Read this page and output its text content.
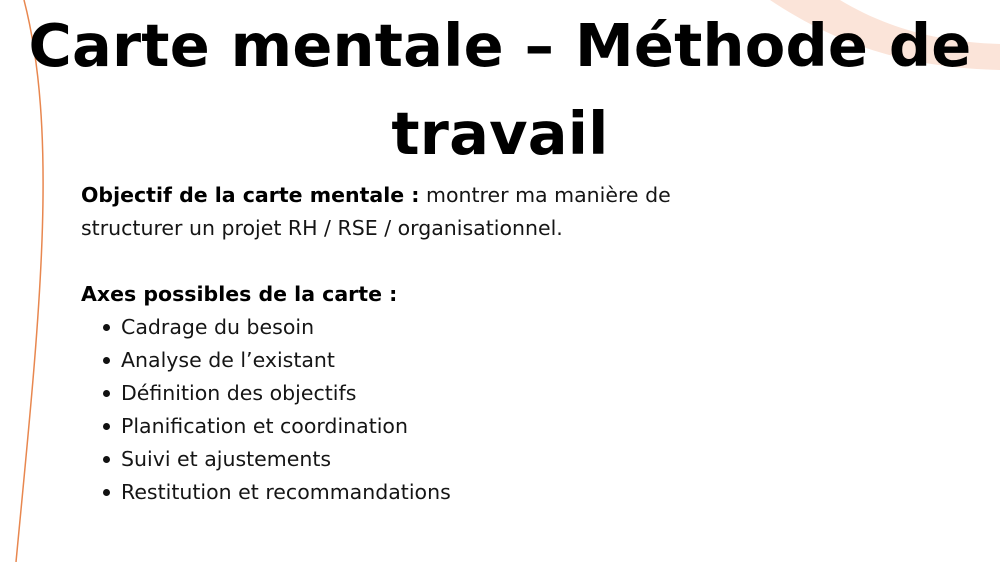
Carte mentale – Méthode de travail

Objectif de la carte mentale : montrer ma manière de structurer un projet RH / RSE / organisationnel.

Axes possibles de la carte :

Cadrage du besoin
Analyse de l’existant
Définition des objectifs
Planification et coordination
Suivi et ajustements
Restitution et recommandations
